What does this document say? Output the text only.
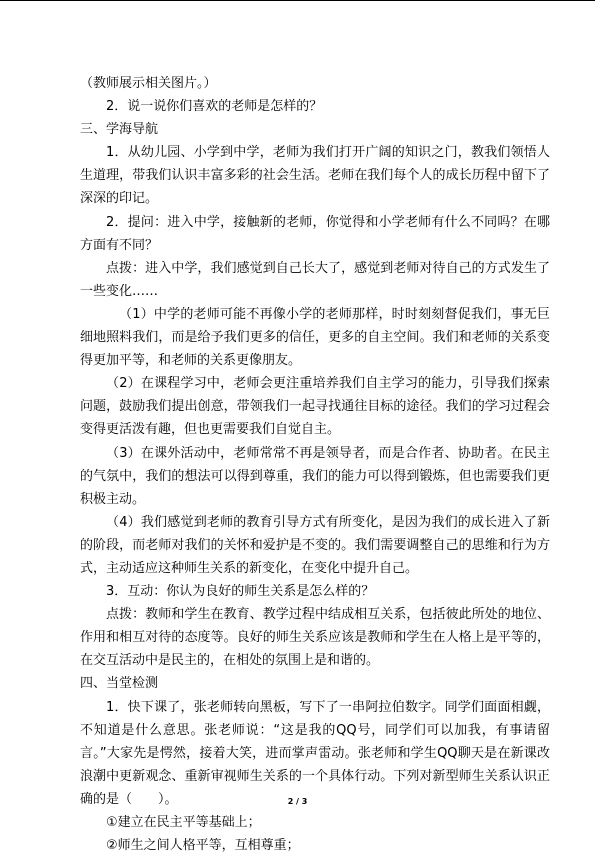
（教师展示相关图片。）

2．说一说你们喜欢的老师是怎样的？

三、学海导航

1．从幼儿园、小学到中学，老师为我们打开广阔的知识之门，教我们领悟人生道理，带我们认识丰富多彩的社会生活。老师在我们每个人的成长历程中留下了深深的印记。

2．提问：进入中学，接触新的老师，你觉得和小学老师有什么不同吗？在哪方面有不同？

点拨：进入中学，我们感觉到自己长大了，感觉到老师对待自己的方式发生了一些变化……

（1）中学的老师可能不再像小学的老师那样，时时刻刻督促我们，事无巨细地照料我们，而是给予我们更多的信任，更多的自主空间。我们和老师的关系变得更加平等，和老师的关系更像朋友。

（2）在课程学习中，老师会更注重培养我们自主学习的能力，引导我们探索问题，鼓励我们提出创意，带领我们一起寻找通往目标的途径。我们的学习过程会变得更活泼有趣，但也更需要我们自觉自主。

（3）在课外活动中，老师常常不再是领导者，而是合作者、协助者。在民主的气氛中，我们的想法可以得到尊重，我们的能力可以得到锻炼，但也需要我们更积极主动。

（4）我们感觉到老师的教育引导方式有所变化，是因为我们的成长进入了新的阶段，而老师对我们的关怀和爱护是不变的。我们需要调整自己的思维和行为方式，主动适应这种师生关系的新变化，在变化中提升自己。

3．互动：你认为良好的师生关系是怎么样的？

点拨：教师和学生在教育、教学过程中结成相互关系，包括彼此所处的地位、作用和相互对待的态度等。良好的师生关系应该是教师和学生在人格上是平等的，在交互活动中是民主的，在相处的氛围上是和谐的。

四、当堂检测

1．快下课了，张老师转向黑板，写下了一串阿拉伯数字。同学们面面相觑，不知道是什么意思。张老师说：“这是我的QQ号，同学们可以加我，有事请留言。”大家先是愕然，接着大笑，进而掌声雷动。张老师和学生QQ聊天是在新课改浪潮中更新观念、重新审视师生关系的一个具体行动。下列对新型师生关系认识正确的是（　　）。

①建立在民主平等基础上；

②师生之间人格平等，互相尊重；

2 / 3
